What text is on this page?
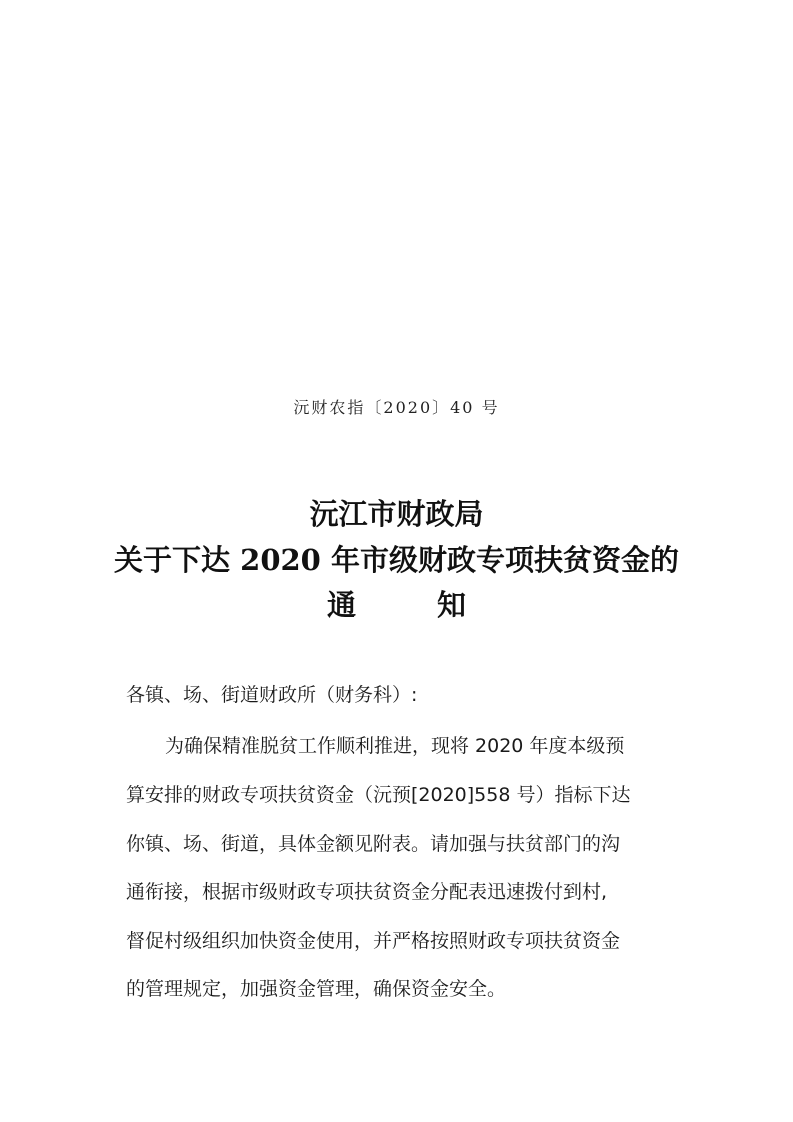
沅财农指〔2020〕40 号
沅江市财政局
关于下达 2020 年市级财政专项扶贫资金的
通	知
各镇、场、街道财政所（财务科）:
为确保精准脱贫工作顺利推进，现将 2020 年度本级预
算安排的财政专项扶贫资金（沅预[2020]558 号）指标下达
你镇、场、街道，具体金额见附表。请加强与扶贫部门的沟
通衔接，根据市级财政专项扶贫资金分配表迅速拨付到村,
督促村级组织加快资金使用，并严格按照财政专项扶贫资金
的管理规定，加强资金管理，确保资金安全。
